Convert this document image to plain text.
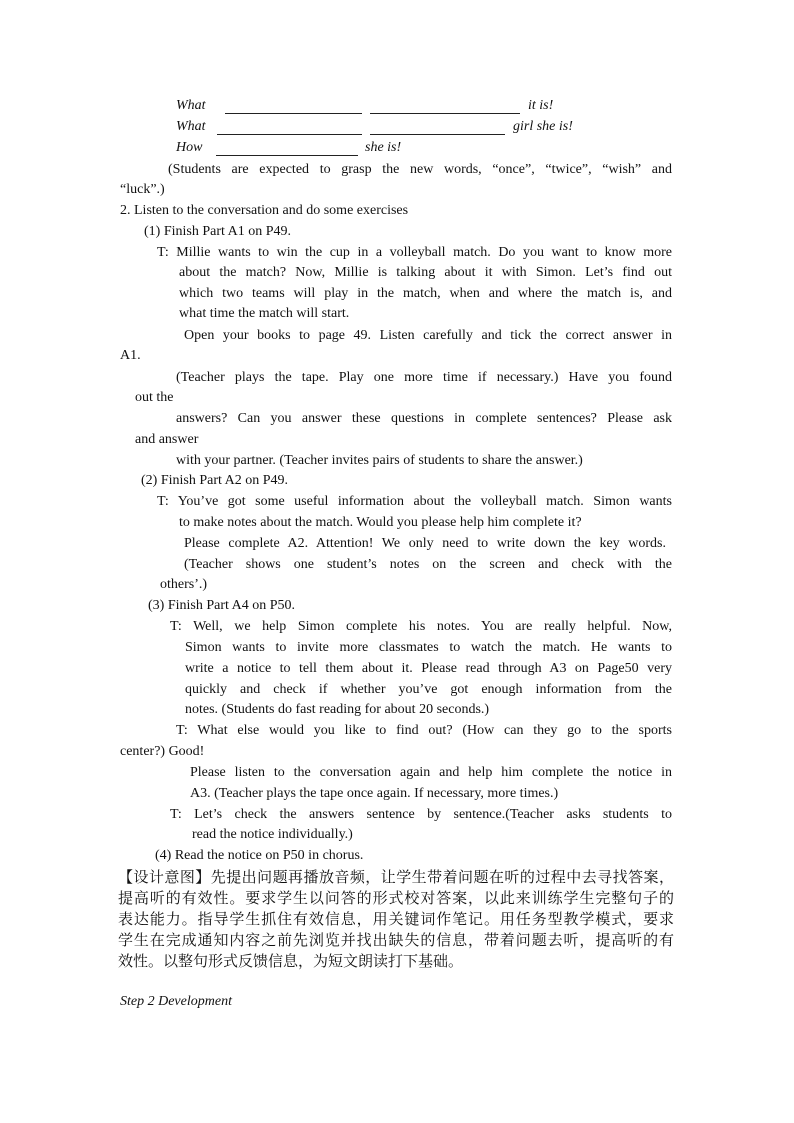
What	it is!
What	girl she is!
How	she is!
(Students are expected to grasp the new words, “once”, “twice”, “wish” and
“luck”.)
2. Listen to the conversation and do some exercises
(1) Finish Part A1 on P49.
T: Millie wants to win the cup in a volleyball match. Do you want to know more
about the match? Now, Millie is talking about it with Simon. Let’s find out
which two teams will play in the match, when and where the match is, and
what time the match will start.
Open your books to page 49. Listen carefully and tick the correct answer in
A1.
(Teacher plays the tape. Play one more time if necessary.) Have you found
out the
answers? Can you answer these questions in complete sentences? Please ask
and answer
with your partner. (Teacher invites pairs of students to share the answer.)
(2) Finish Part A2 on P49.
T: You’ve got some useful information about the volleyball match. Simon wants
to make notes about the match. Would you please help him complete it?
Please complete A2. Attention! We only need to write down the key words.
(Teacher shows one student’s notes on the screen and check with the
others’.)
(3) Finish Part A4 on P50.
T: Well, we help Simon complete his notes. You are really helpful. Now,
Simon wants to invite more classmates to watch the match. He wants to
write a notice to tell them about it. Please read through A3 on Page50 very
quickly and check if whether you’ve got enough information from the
notes. (Students do fast reading for about 20 seconds.)
T: What else would you like to find out? (How can they go to the sports
center?) Good!
Please listen to the conversation again and help him complete the notice in
A3. (Teacher plays the tape once again. If necessary, more times.)
T: Let’s check the answers sentence by sentence.(Teacher asks students to
read the notice individually.)
(4) Read the notice on P50 in chorus.
【设计意图】先提出问题再播放音频，让学生带着问题在听的过程中去寻找答案，
提高听的有效性。要求学生以问答的形式校对答案，以此来训练学生完整句子的
表达能力。指导学生抓住有效信息，用关键词作笔记。用任务型教学模式，要求
学生在完成通知内容之前先浏览并找出缺失的信息，带着问题去听，提高听的有
效性。以整句形式反馈信息，为短文朗读打下基础。
Step 2 Development
